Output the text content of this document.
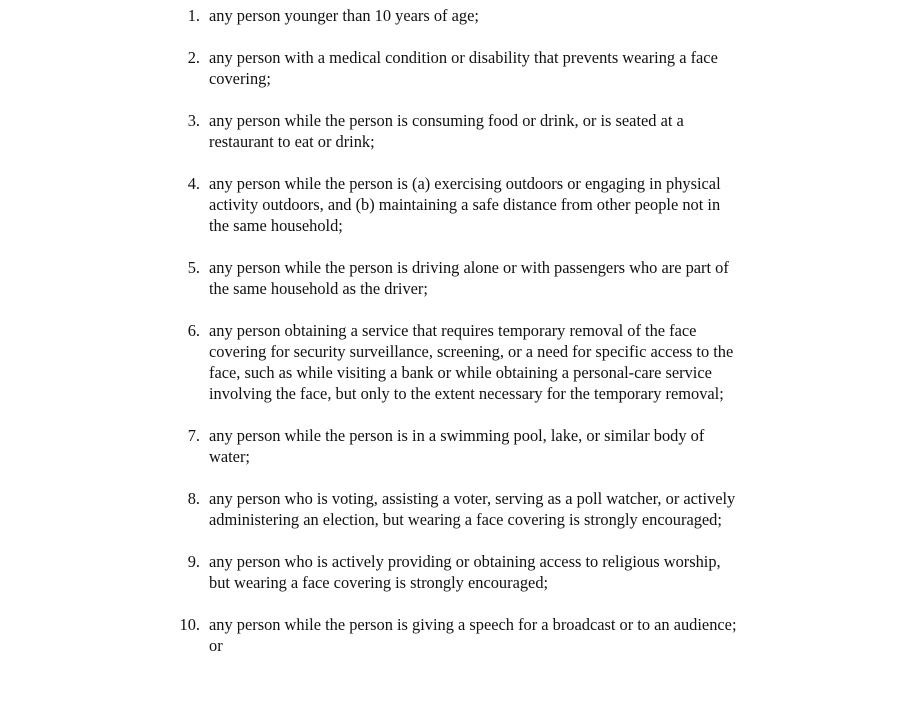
1. any person younger than 10 years of age;
2. any person with a medical condition or disability that prevents wearing a face covering;
3. any person while the person is consuming food or drink, or is seated at a restaurant to eat or drink;
4. any person while the person is (a) exercising outdoors or engaging in physical activity outdoors, and (b) maintaining a safe distance from other people not in the same household;
5. any person while the person is driving alone or with passengers who are part of the same household as the driver;
6. any person obtaining a service that requires temporary removal of the face covering for security surveillance, screening, or a need for specific access to the face, such as while visiting a bank or while obtaining a personal-care service involving the face, but only to the extent necessary for the temporary removal;
7. any person while the person is in a swimming pool, lake, or similar body of water;
8. any person who is voting, assisting a voter, serving as a poll watcher, or actively administering an election, but wearing a face covering is strongly encouraged;
9. any person who is actively providing or obtaining access to religious worship, but wearing a face covering is strongly encouraged;
10. any person while the person is giving a speech for a broadcast or to an audience; or
